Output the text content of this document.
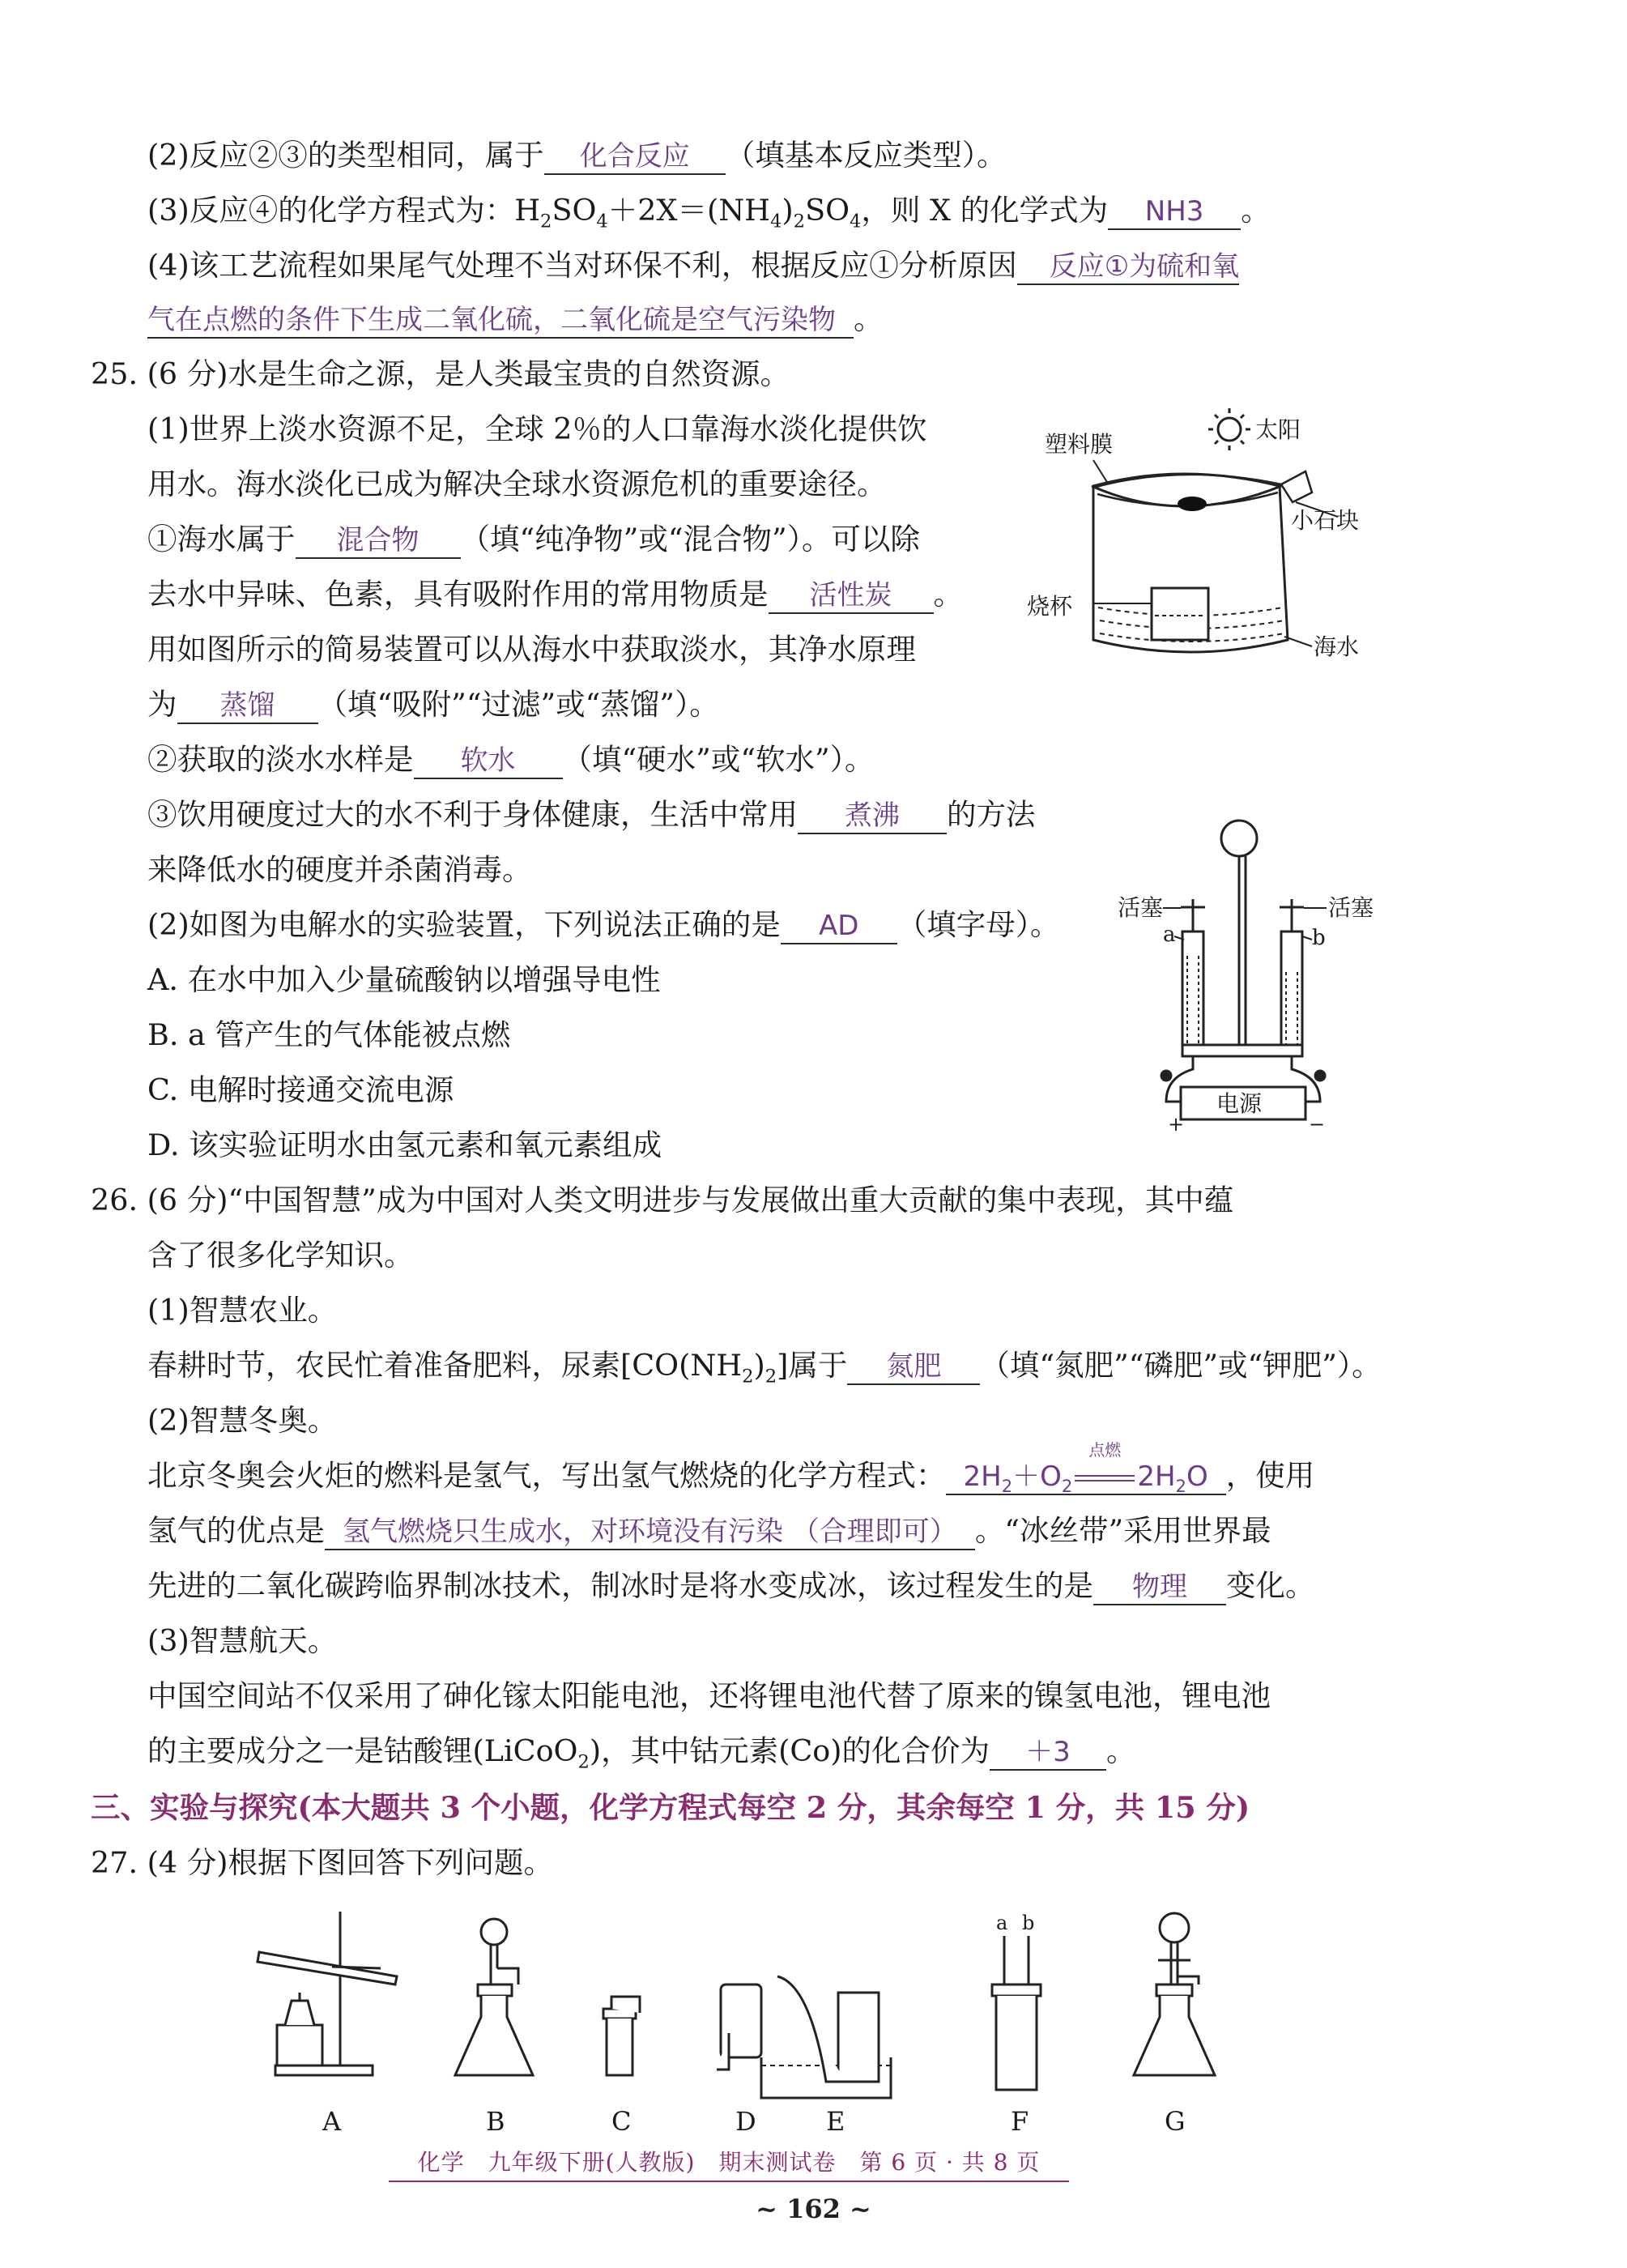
(2)反应②③的类型相同，属于 化合反应 （填基本反应类型）。
(3)反应④的化学方程式为：$H_2SO_4+2X=(NH_4)_2SO_4$，则 X 的化学式为 NH3 。
(4)该工艺流程如果尾气处理不当对环保不利，根据反应①分析原因 反应①为硫和氧
气在点燃的条件下生成二氧化硫，二氧化硫是空气污染物 。
25. (6 分)水是生命之源，是人类最宝贵的自然资源。
(1)世界上淡水资源不足，全球 2％的人口靠海水淡化提供饮
用水。海水淡化已成为解决全球水资源危机的重要途径。
①海水属于 混合物 （填“纯净物”或“混合物”）。可以除
去水中异味、色素，具有吸附作用的常用物质是 活性炭 。
用如图所示的简易装置可以从海水中获取淡水，其净水原理
为 蒸馏 （填“吸附”“过滤”或“蒸馏”）。
②获取的淡水水样是 软水 （填“硬水”或“软水”）。
③饮用硬度过大的水不利于身体健康，生活中常用 煮沸 的方法
来降低水的硬度并杀菌消毒。
(2)如图为电解水的实验装置，下列说法正确的是 AD （填字母）。
A. 在水中加入少量硫酸钠以增强导电性
B. a 管产生的气体能被点燃
C. 电解时接通交流电源
D. 该实验证明水由氢元素和氧元素组成
太阳
塑料膜
小石块
烧杯
海水
活塞
a
活塞
b
电源
+	−
26. (6 分)“中国智慧”成为中国对人类文明进步与发展做出重大贡献的集中表现，其中蕴
含了很多化学知识。
(1)智慧农业。
春耕时节，农民忙着准备肥料，尿素$[CO(NH_2)_2]$属于 氮肥 （填“氮肥”“磷肥”或“钾肥”）。
(2)智慧冬奥。
北京冬奥会火炬的燃料是氢气，写出氢气燃烧的化学方程式： $2H_2+O_2$
点燃
$2H_2O$ ，使用
氢气的优点是 氢气燃烧只生成水，对环境没有污染 （合理即可） 。“冰丝带”采用世界最
先进的二氧化碳跨临界制冰技术，制冰时是将水变成冰，该过程发生的是 物理 变化。
(3)智慧航天。
中国空间站不仅采用了砷化镓太阳能电池，还将锂电池代替了原来的镍氢电池，锂电池
的主要成分之一是钴酸锂(LiCoO$_2$)，其中钴元素(Co)的化合价为 ＋3 。
三、实验与探究(本大题共 3 个小题，化学方程式每空 2 分，其余每空 1 分，共 15 分)
27. (4 分)根据下图回答下列问题。
a b
A	B	C	D	E	F	G
化学　九年级下册(人教版)　期末测试卷　第 6 页 · 共 8 页
~ 162 ~
